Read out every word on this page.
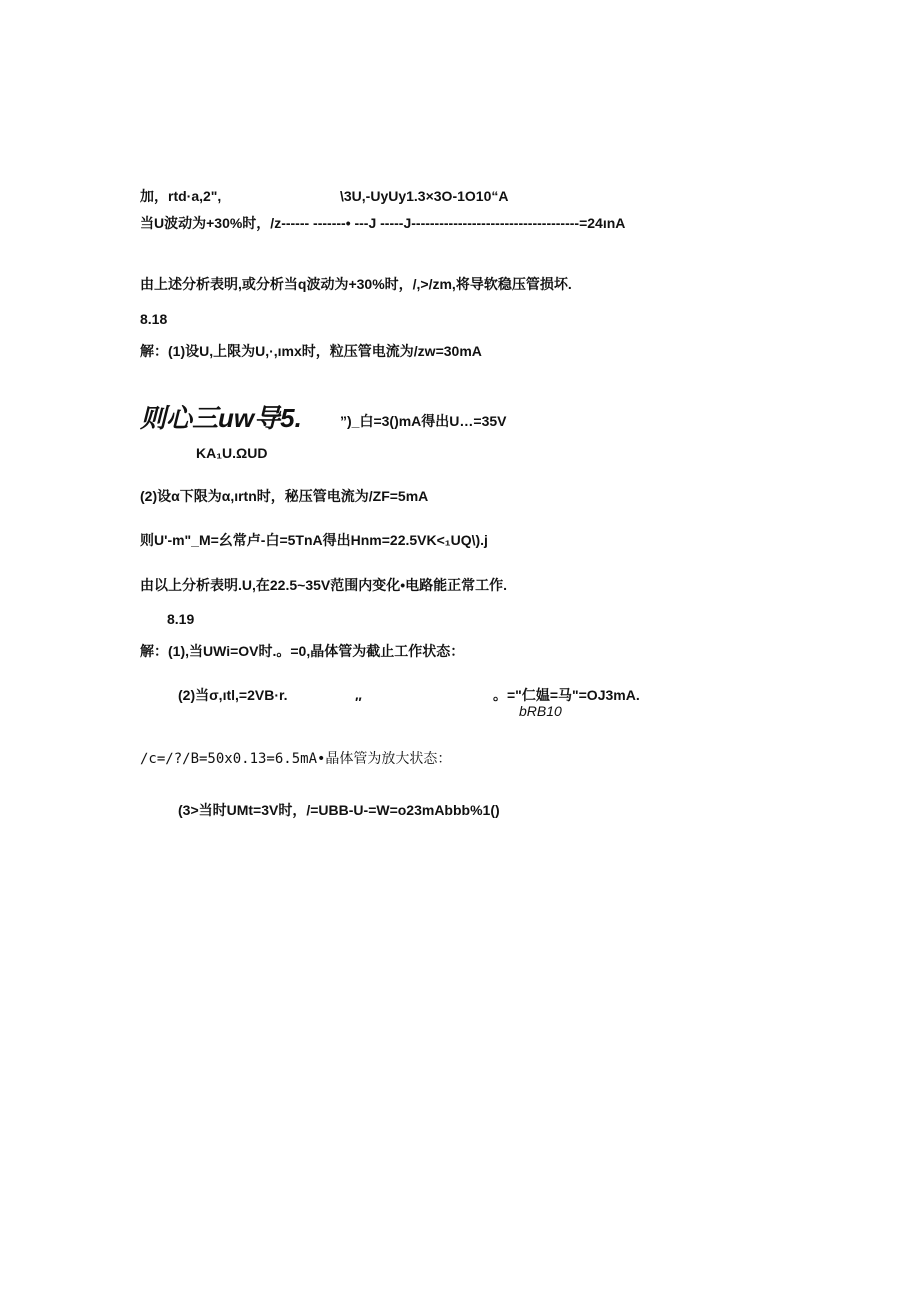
加，rtd·a,2",	\3U,-UyUy1.3×3O-1O10“A
当U波动为+30%时，/z------ -------• ---J -----J------------------------------------=24ınA
由上述分析表明,或分析当q波动为+30%时，/,>/zm,将导软稳压管损坏.
8.18
解：(1)设U,上限为U,·,ımx时，粒压管电流为/zw=30mA
则心三uw导5.	”)_白=3()mA得出U…=35V
KA₁U.ΩUD
(2)设α下限为α,ırtn时，秘压管电流为/ZF=5mA
则U'-m"_M=幺常卢-白=5TnA得出Hnm=22.5VK<₁UQ\).j
由以上分析表明.U,在22.5~35V范围内变化•电路能正常工作.
8.19
解：(1),当UWi=OV时.。=0,晶体管为截止工作状态：
(2)当σ,ıtl,=2VB·r.	″	。="仁媪=马"=OJ3mA.
bRB10
∕c=∕?∕B=50x0.13=6.5mA•晶体管为放大状态：
(3>当时UMt=3V时，/=UBB-U-=W=o23mAbbb%1()
